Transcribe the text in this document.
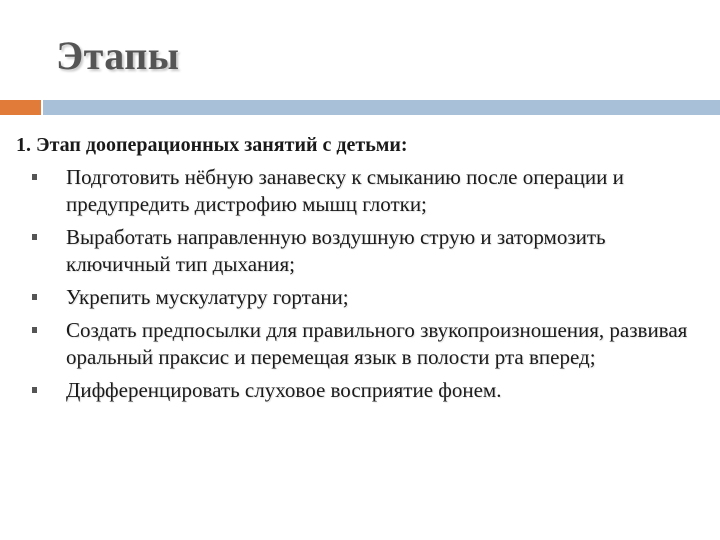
Этапы
1. Этап дооперационных занятий с детьми:
Подготовить нёбную занавеску к смыканию после операции и предупредить дистрофию мышц глотки;
Выработать направленную воздушную струю и затормозить ключичный тип дыхания;
Укрепить мускулатуру гортани;
Создать предпосылки для правильного звукопроизношения, развивая оральный праксис и перемещая язык в полости рта вперед;
Дифференцировать слуховое восприятие фонем.
